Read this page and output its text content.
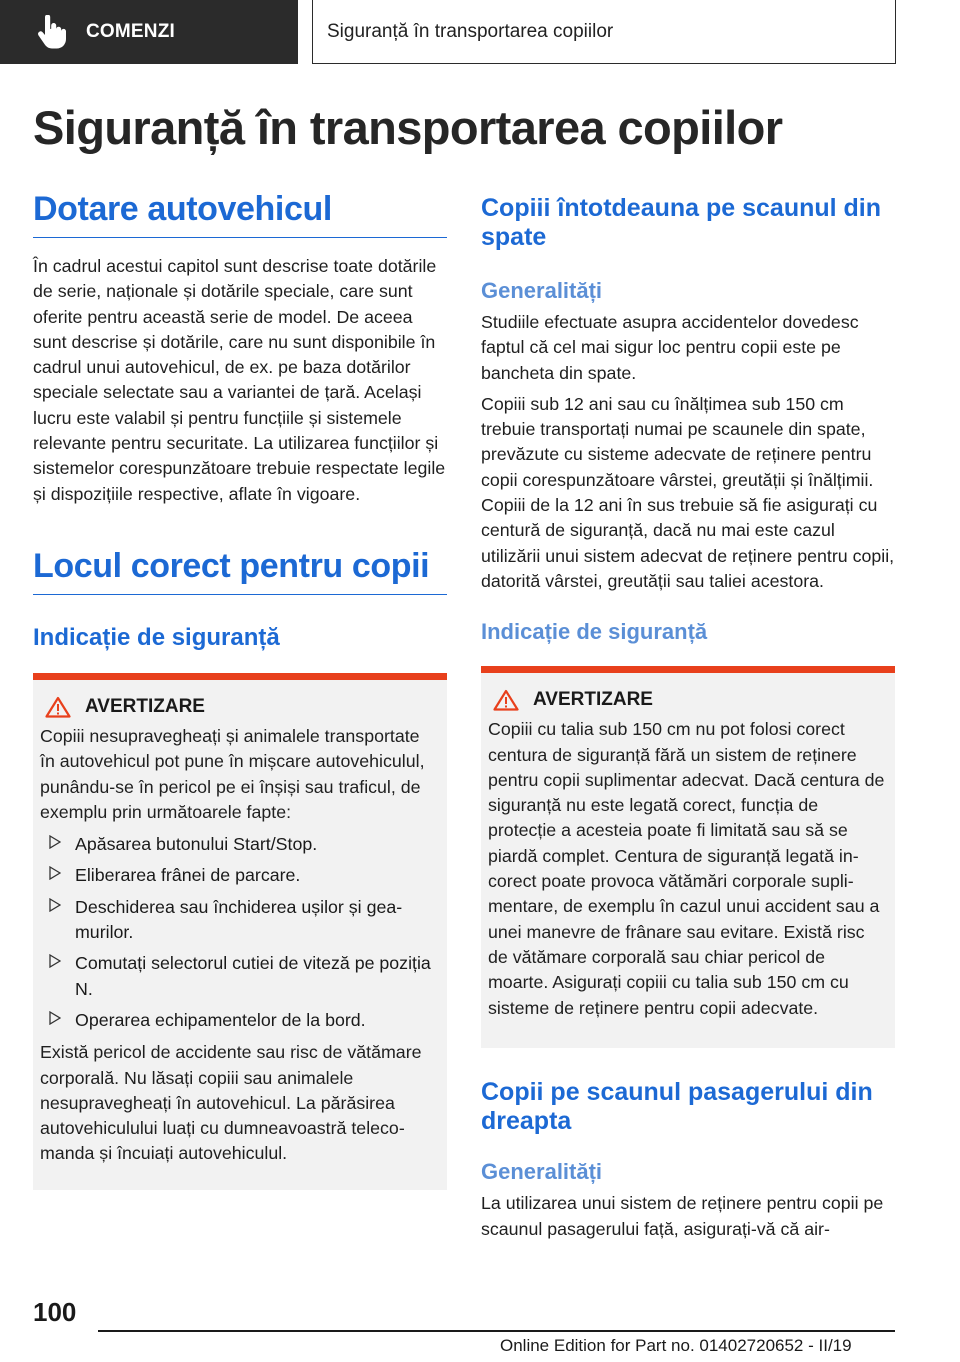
COMENZI	Siguranță în transportarea copiilor
Siguranță în transportarea copiilor
Dotare autovehicul

În cadrul acestui capitol sunt descrise toate dotările de serie, naționale și dotările speciale, care sunt oferite pentru această serie de model. De aceea sunt descrise și dotările, care nu sunt disponibile în cadrul unui autovehicul, de ex. pe baza dotărilor speciale selectate sau a variantei de țară. Același lucru este valabil și pentru funcțiile și sistemele relevante pentru securitate. La utilizarea funcțiilor și sistemelor corespunzătoare trebuie respectate legile și dispozițiile respective, aflate în vigoare.

Locul corect pentru copii
Indicație de siguranță
AVERTIZARE

Copiii nesupravegheați și animalele transportate în autovehicul pot pune în mișcare autovehiculul, punându-se în pericol pe ei înșiși sau traficul, de exemplu prin următoarele fapte:

Apăsarea butonului Start/Stop.
Eliberarea frânei de parcare.
Deschiderea sau închiderea ușilor și geamurilor.
Comutați selectorul cutiei de viteză pe poziția N.
Operarea echipamentelor de la bord.

Există pericol de accidente sau risc de vătămare corporală. Nu lăsați copiii sau animalele nesupravegheați în autovehicul. La părăsirea autovehiculului luați cu dumneavoastră telecomanda și încuiați autovehiculul.

Copiii întotdeauna pe scaunul din spate
Generalități

Studiile efectuate asupra accidentelor dovedesc faptul că cel mai sigur loc pentru copii este pe bancheta din spate.

Copiii sub 12 ani sau cu înălțimea sub 150 cm trebuie transportați numai pe scaunele din spate, prevăzute cu sisteme adecvate de reținere pentru copii corespunzătoare vârstei, greutății și înălțimii. Copiii de la 12 ani în sus trebuie să fie asigurați cu centură de siguranță, dacă nu mai este cazul utilizării unui sistem adecvat de reținere pentru copii, datorită vârstei, greutății sau taliei acestora.

Indicație de siguranță
AVERTIZARE

Copiii cu talia sub 150 cm nu pot folosi corect centura de siguranță fără un sistem de reținere pentru copii suplimentar adecvat. Dacă centura de siguranță nu este legată corect, funcția de protecție a acesteia poate fi limitată sau să se piardă complet. Centura de siguranță legată incorect poate provoca vătămări corporale suplimentare, de exemplu în cazul unui accident sau a unei manevre de frânare sau evitare. Există risc de vătămare corporală sau chiar pericol de moarte. Asigurați copiii cu talia sub 150 cm cu sisteme de reținere pentru copii adecvate.

Copii pe scaunul pasagerului din dreapta
Generalități

La utilizarea unui sistem de reținere pentru copii pe scaunul pasagerului față, asigurați-vă că air-

100
Online Edition for Part no. 01402720652 - II/19
